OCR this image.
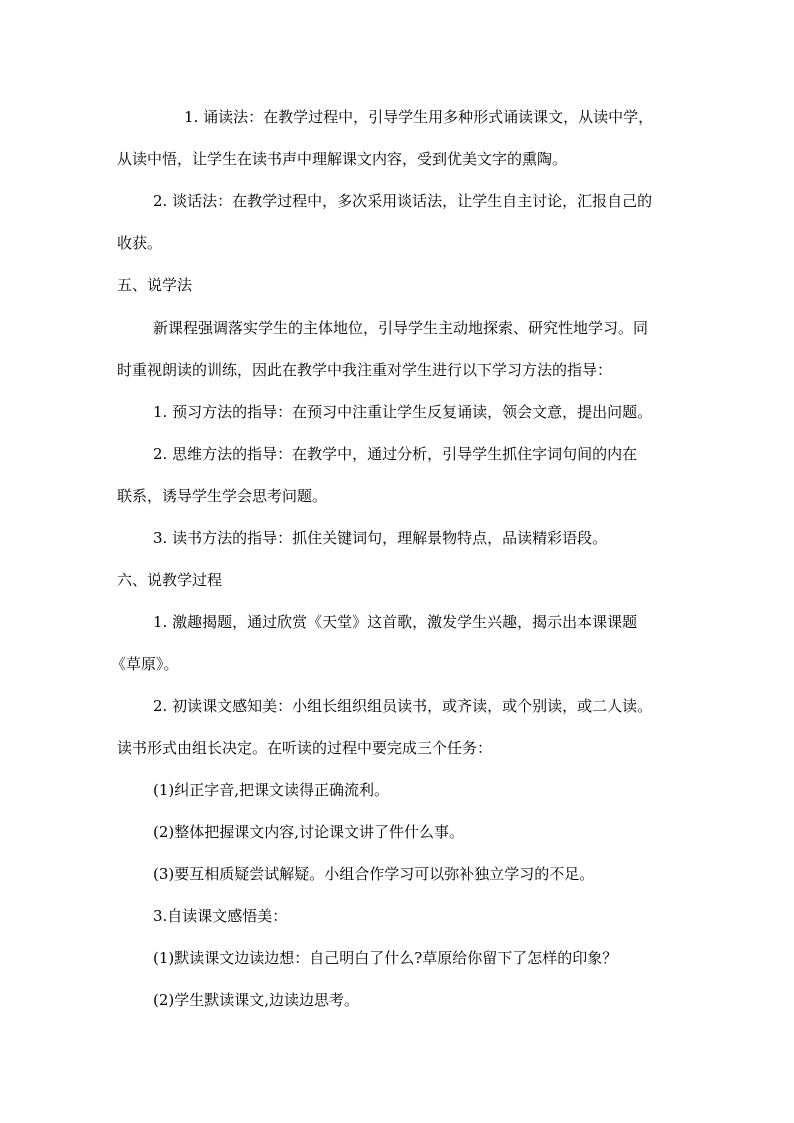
1. 诵读法：在教学过程中，引导学生用多种形式诵读课文，从读中学，
从读中悟，让学生在读书声中理解课文内容，受到优美文字的熏陶。
2. 谈话法：在教学过程中，多次采用谈话法，让学生自主讨论，汇报自己的
收获。
五、说学法
新课程强调落实学生的主体地位，引导学生主动地探索、研究性地学习。同
时重视朗读的训练，因此在教学中我注重对学生进行以下学习方法的指导：
1. 预习方法的指导：在预习中注重让学生反复诵读，领会文意，提出问题。
2. 思维方法的指导：在教学中，通过分析，引导学生抓住字词句间的内在
联系，诱导学生学会思考问题。
3. 读书方法的指导：抓住关键词句，理解景物特点，品读精彩语段。
六、说教学过程
1. 激趣揭题，通过欣赏《天堂》这首歌，激发学生兴趣，揭示出本课课题
《草原》。
2. 初读课文感知美：小组长组织组员读书，或齐读，或个别读，或二人读。
读书形式由组长决定。在听读的过程中要完成三个任务：
(1)纠正字音,把课文读得正确流利。
(2)整体把握课文内容,讨论课文讲了件什么事。
(3)要互相质疑尝试解疑。小组合作学习可以弥补独立学习的不足。
3.自读课文感悟美：
(1)默读课文边读边想：自己明白了什么?草原给你留下了怎样的印象？
(2)学生默读课文,边读边思考。
